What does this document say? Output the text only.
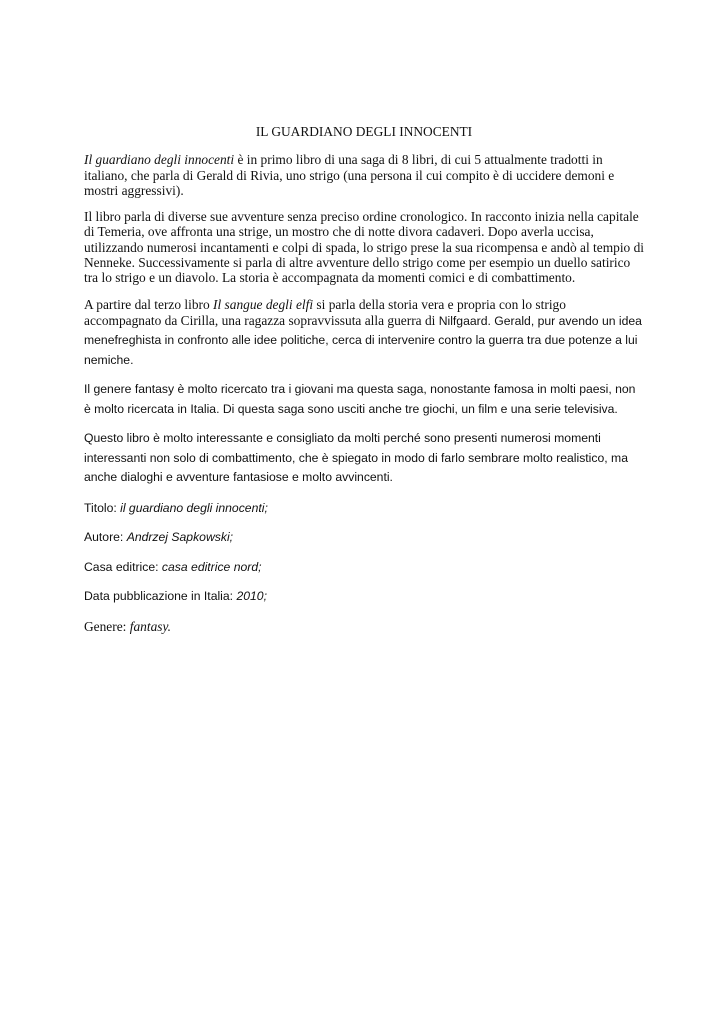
IL GUARDIANO DEGLI INNOCENTI

Il guardiano degli innocenti è in primo libro di una saga di 8 libri, di cui 5 attualmente tradotti in italiano, che parla di Gerald di Rivia, uno strigo (una persona il cui compito è di uccidere demoni e mostri aggressivi).

Il libro parla di diverse sue avventure senza preciso ordine cronologico. In racconto inizia nella capitale di Temeria, ove affronta una strige, un mostro che di notte divora cadaveri. Dopo averla uccisa, utilizzando numerosi incantamenti e colpi di spada, lo strigo prese la sua ricompensa e andò al tempio di Nenneke. Successivamente si parla di altre avventure dello strigo come per esempio un duello satirico tra lo strigo e un diavolo. La storia è accompagnata da momenti comici e di combattimento.

A partire dal terzo libro Il sangue degli elfi si parla della storia vera e propria con lo strigo accompagnato da Cirilla, una ragazza sopravvissuta alla guerra di Nilfgaard. Gerald, pur avendo un idea menefreghista in confronto alle idee politiche, cerca di intervenire contro la guerra tra due potenze a lui nemiche.

Il genere fantasy è molto ricercato tra i giovani ma questa saga, nonostante famosa in molti paesi, non è molto ricercata in Italia. Di questa saga sono usciti anche tre giochi, un film e una serie televisiva.

Questo libro è molto interessante e consigliato da molti perché sono presenti numerosi momenti interessanti non solo di combattimento, che è spiegato in modo di farlo sembrare molto realistico, ma anche dialoghi e avventure fantasiose e molto avvincenti.

Titolo: il guardiano degli innocenti;

Autore: Andrzej Sapkowski;

Casa editrice: casa editrice nord;

Data pubblicazione in Italia: 2010;

Genere: fantasy.
